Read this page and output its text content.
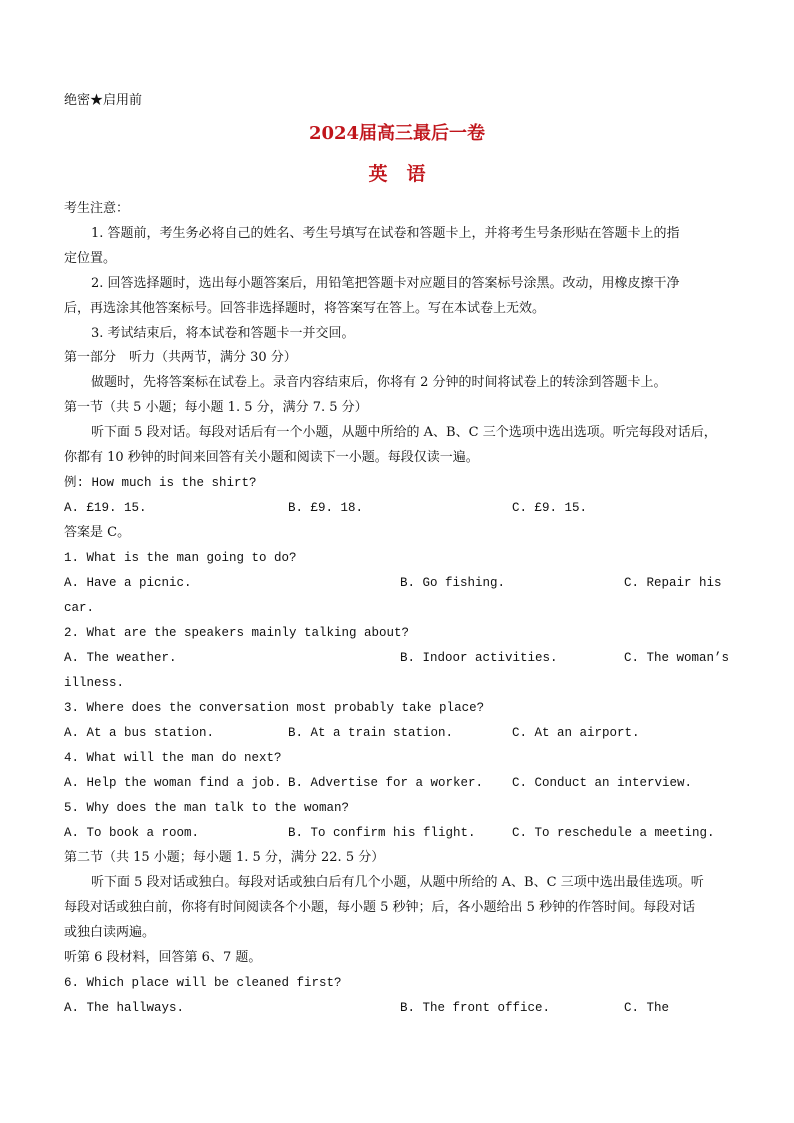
绝密★启用前
2024届高三最后一卷
英　语
考生注意：
1. 答题前，考生务必将自己的姓名、考生号填写在试卷和答题卡上，并将考生号条形贴在答题卡上的指
定位置。
2. 回答选择题时，选出每小题答案后，用铅笔把答题卡对应题目的答案标号涂黑。改动，用橡皮擦干净
后，再选涂其他答案标号。回答非选择题时，将答案写在答上。写在本试卷上无效。
3. 考试结束后，将本试卷和答题卡一并交回。
第一部分　听力（共两节，满分 30 分）
做题时，先将答案标在试卷上。录音内容结束后，你将有 2 分钟的时间将试卷上的转涂到答题卡上。
第一节（共 5 小题；每小题 1. 5 分，满分 7. 5 分）
听下面 5 段对话。每段对话后有一个小题，从题中所给的 A、B、C 三个选项中选出选项。听完每段对话后，
你都有 10 秒钟的时间来回答有关小题和阅读下一小题。每段仅读一遍。
例: How much is the shirt?
A. £19. 15.	B. £9. 18.	C. £9. 15.
答案是 C。
1. What is the man going to do?
A. Have a picnic.	B. Go fishing.	C. Repair his
car.
2. What are the speakers mainly talking about?
A. The weather.	B. Indoor activities.	C. The woman’s
illness.
3. Where does the conversation most probably take place?
A. At a bus station.	B. At a train station.	C. At an airport.
4. What will the man do next?
A. Help the woman find a job. B. Advertise for a worker. C. Conduct an interview.
5. Why does the man talk to the woman?
A. To book a room.	B. To confirm his flight.	C. To reschedule a meeting.
第二节（共 15 小题；每小题 1. 5 分，满分 22. 5 分）
听下面 5 段对话或独白。每段对话或独白后有几个小题，从题中所给的 A、B、C 三项中选出最佳选项。听
每段对话或独白前，你将有时间阅读各个小题，每小题 5 秒钟；后，各小题给出 5 秒钟的作答时间。每段对话
或独白读两遍。
听第 6 段材料，回答第 6、7 题。
6. Which place will be cleaned first?
A. The hallways.	B. The front office.	C. The
